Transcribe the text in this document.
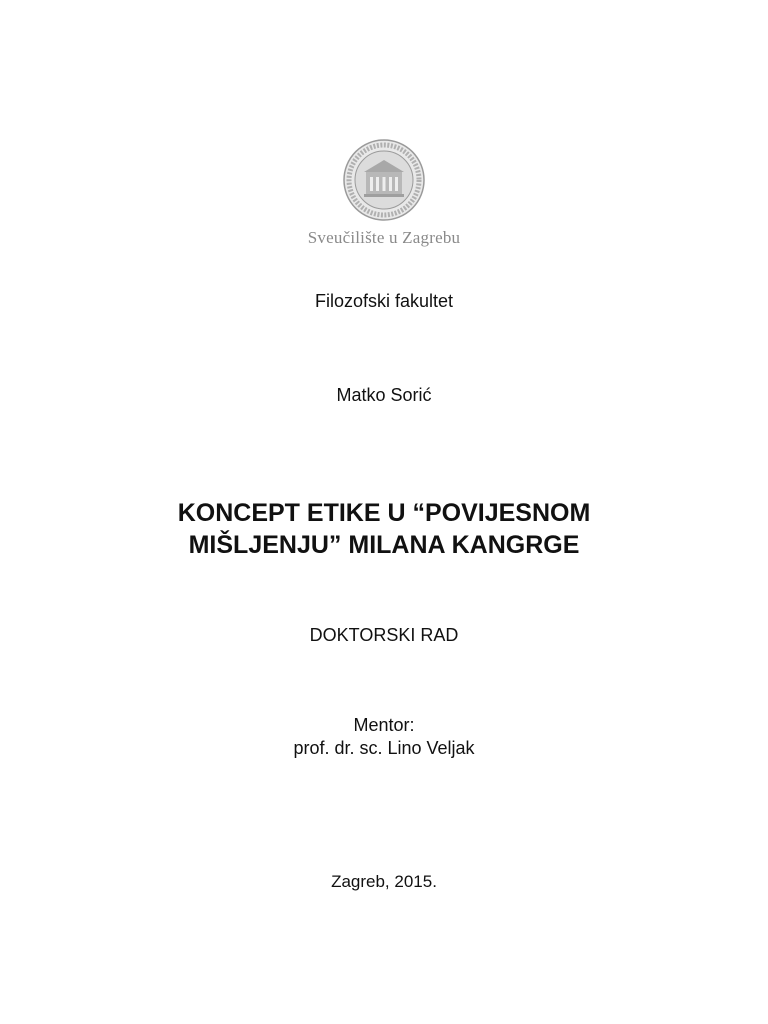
Sveučilište u Zagrebu
Filozofski fakultet
Matko Sorić
KONCEPT ETIKE U “POVIJESNOM
MIŠLJENJU” MILANA KANGRGE
DOKTORSKI RAD
Mentor:
prof. dr. sc. Lino Veljak
Zagreb, 2015.
